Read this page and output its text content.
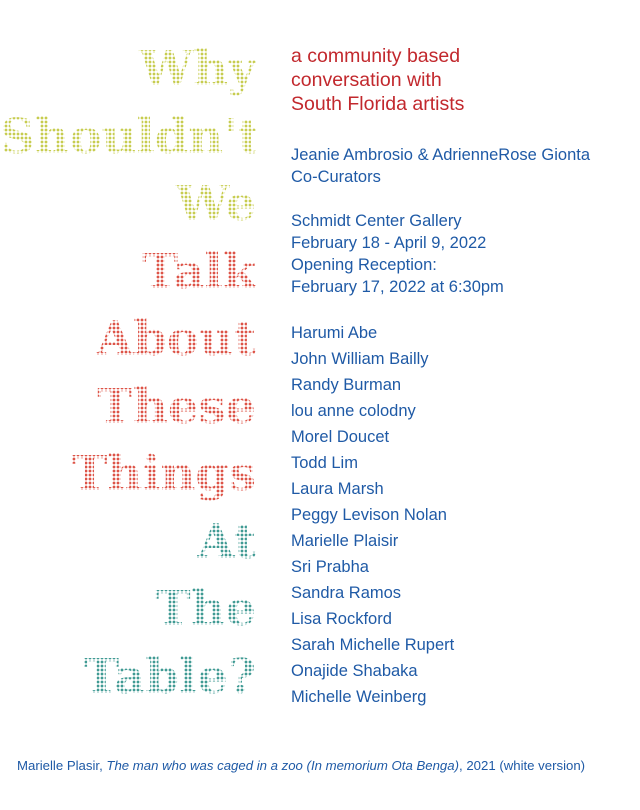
Why
Shouldn't
We
Talk
About
These
Things
At
The
Table?
a community based
conversation with
South Florida artists
Jeanie Ambrosio & AdrienneRose Gionta
Co-Curators
Schmidt Center Gallery
February 18 - April 9, 2022
Opening Reception:
February 17, 2022 at 6:30pm
Harumi Abe
John William Bailly
Randy Burman
lou anne colodny
Morel Doucet
Todd Lim
Laura Marsh
Peggy Levison Nolan
Marielle Plaisir
Sri Prabha
Sandra Ramos
Lisa Rockford
Sarah Michelle Rupert
Onajide Shabaka
Michelle Weinberg
Marielle Plasir, The man who was caged in a zoo (In memorium Ota Benga), 2021 (white version)
